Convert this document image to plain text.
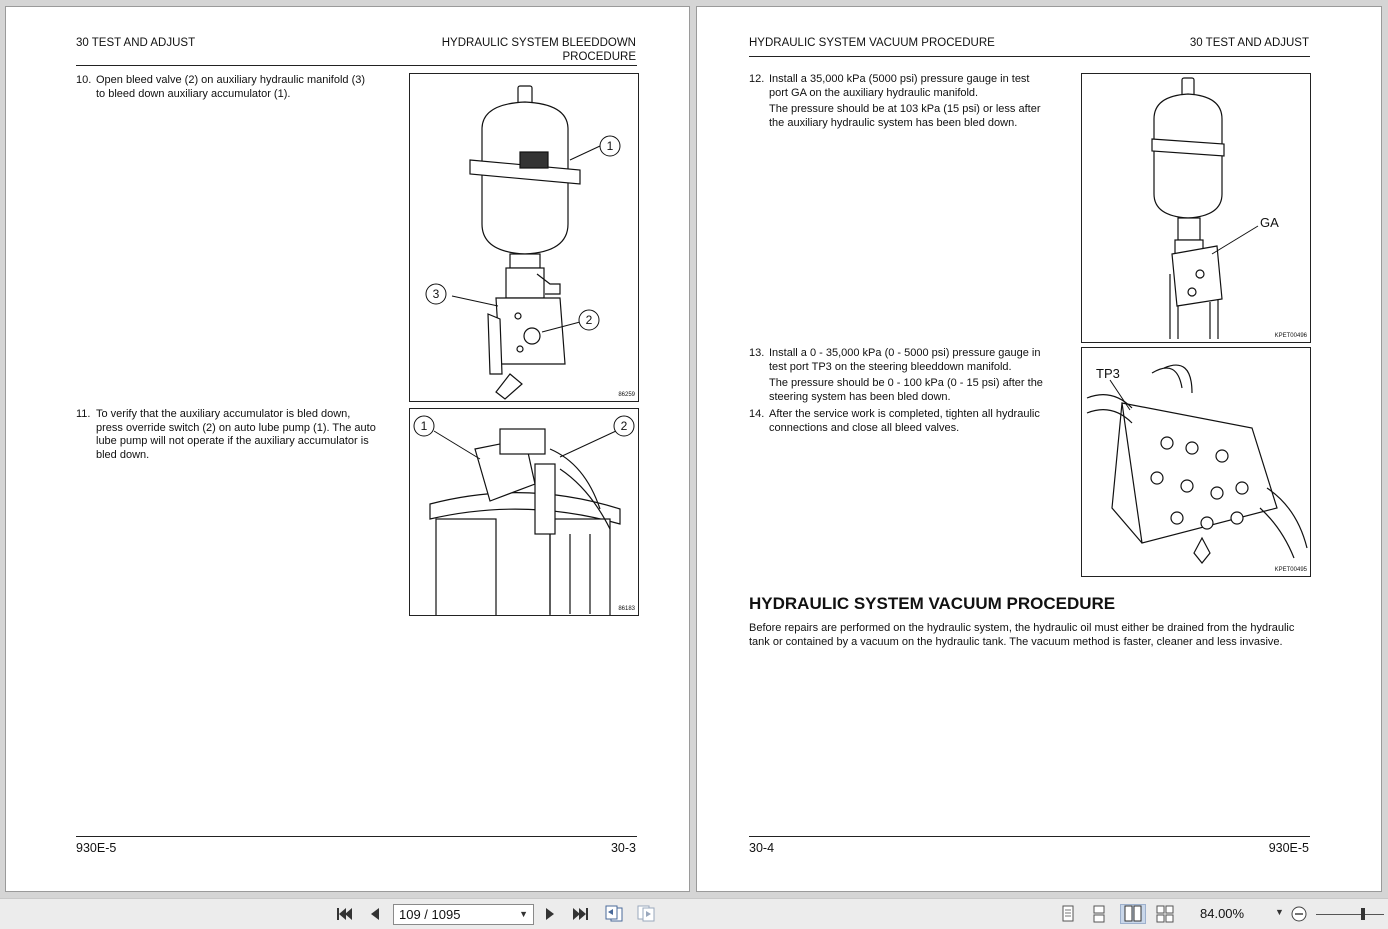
30 TEST AND ADJUST	HYDRAULIC SYSTEM BLEEDDOWN
PROCEDURE
10. Open bleed valve (2) on auxiliary hydraulic manifold (3)
to bleed down auxiliary accumulator (1).
11. To verify that the auxiliary accumulator is bled down,
press override switch (2) on auto lube pump (1). The auto
lube pump will not operate if the auxiliary accumulator is
bled down.
1
3
2
86259
1	2
86183
930E-5	30-3
HYDRAULIC SYSTEM VACUUM PROCEDURE	30 TEST AND ADJUST
12. Install a 35,000 kPa (5000 psi) pressure gauge in test
port GA on the auxiliary hydraulic manifold.

The pressure should be at 103 kPa (15 psi) or less after
the auxiliary hydraulic system has been bled down.

13. Install a 0 - 35,000 kPa (0 - 5000 psi) pressure gauge in
test port TP3 on the steering bleeddown manifold.

The pressure should be 0 - 100 kPa (0 - 15 psi) after the
steering system has been bled down.

14. After the service work is completed, tighten all hydraulic
connections and close all bleed valves.
GA
KPET00496
TP3
KPET00495
HYDRAULIC SYSTEM VACUUM PROCEDURE
Before repairs are performed on the hydraulic system, the hydraulic oil must either be drained from the hydraulic
tank or contained by a vacuum on the hydraulic tank. The vacuum method is faster, cleaner and less invasive.
30-4	930E-5
109 / 1095	▼	84.00%	▼
